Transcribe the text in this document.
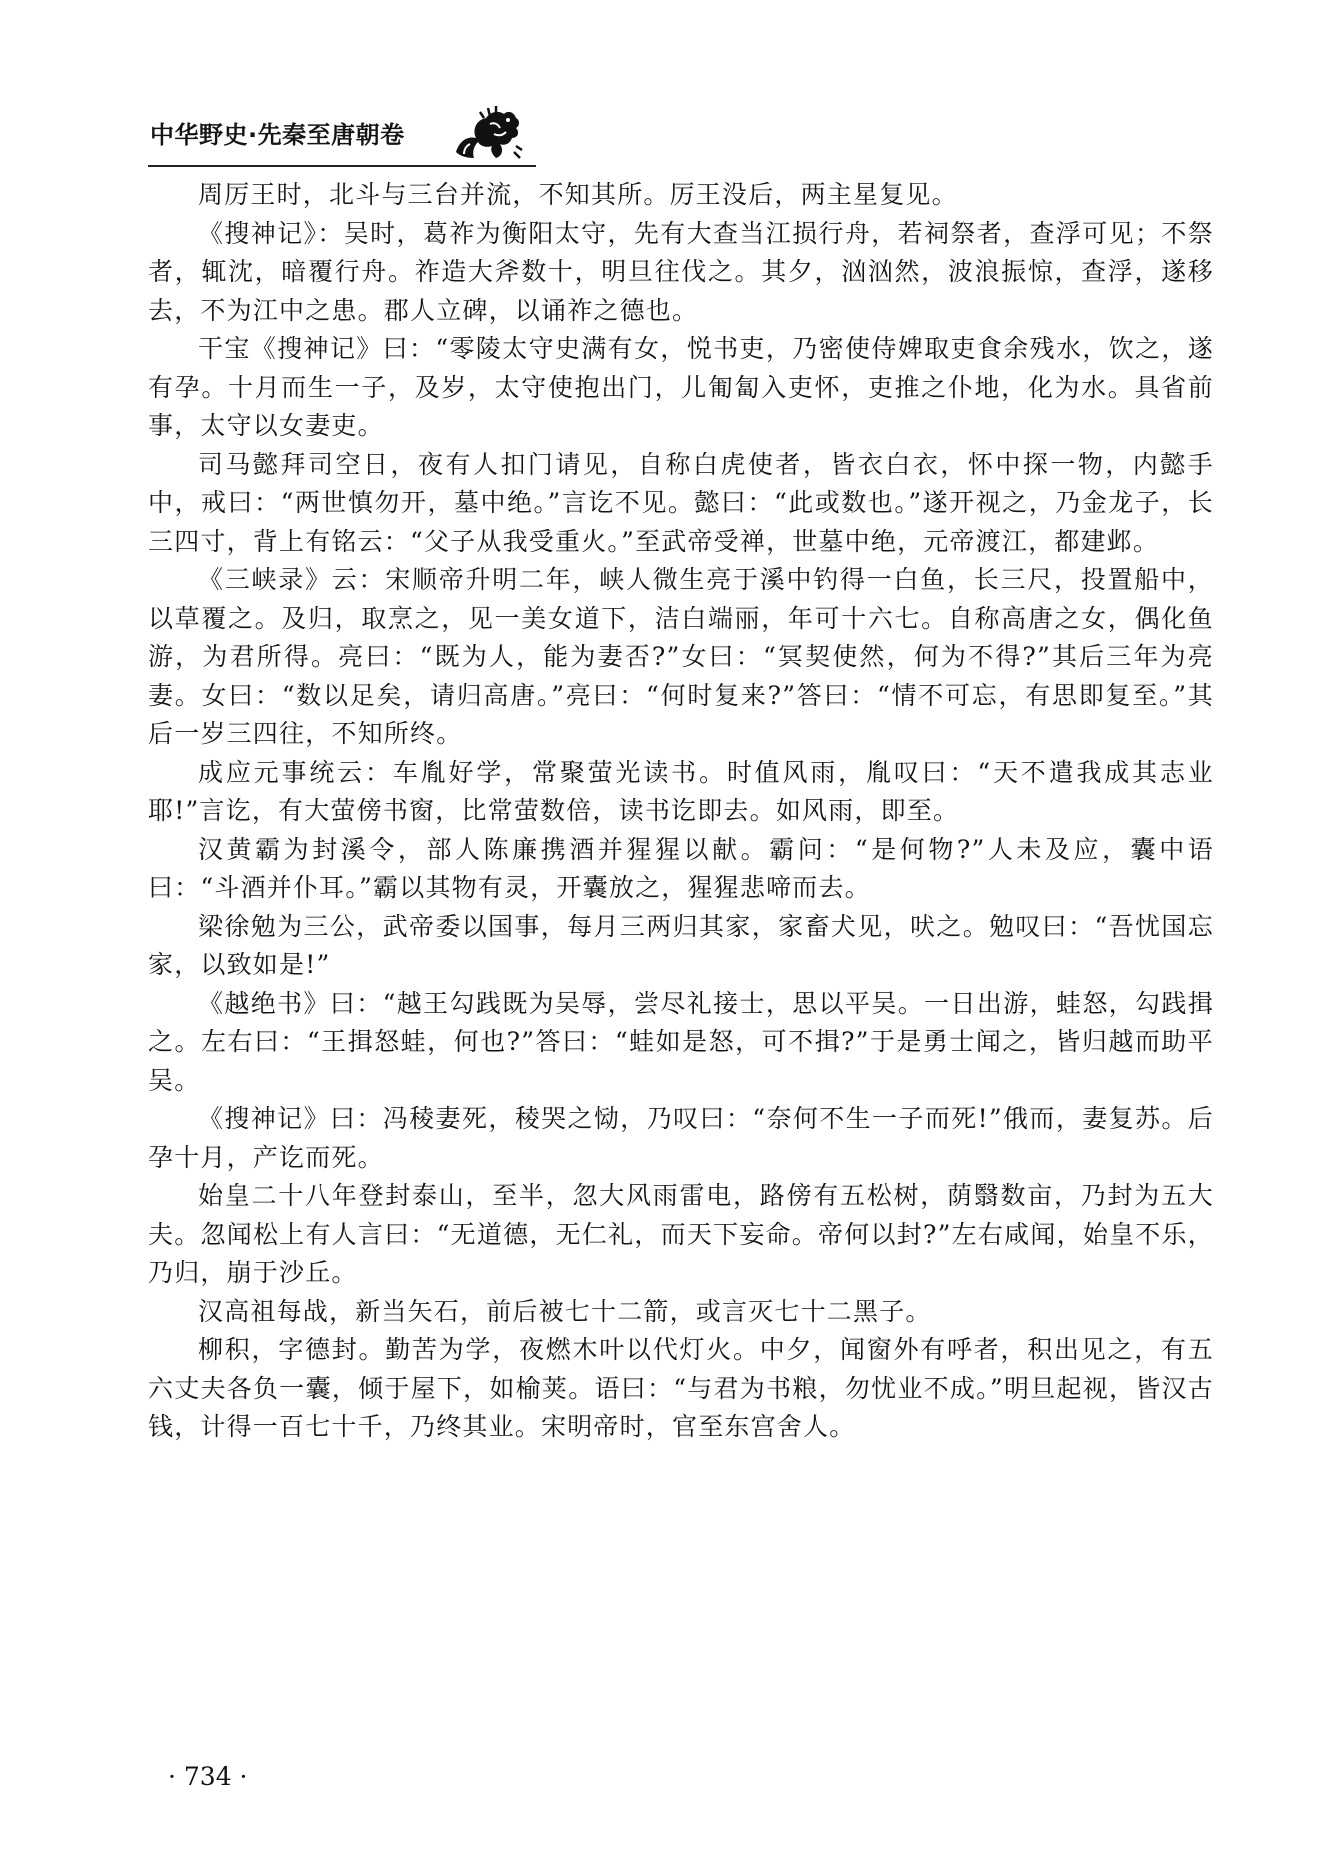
中华野史·先秦至唐朝卷

周厉王时，北斗与三台并流，不知其所。厉王没后，两主星复见。

《搜神记》：吴时，葛祚为衡阳太守，先有大查当江损行舟，若祠祭者，查浮可见；不祭者，辄沈，暗覆行舟。祚造大斧数十，明旦往伐之。其夕，汹汹然，波浪振惊，查浮，遂移去，不为江中之患。郡人立碑，以诵祚之德也。

干宝《搜神记》曰：“零陵太守史满有女，悦书吏，乃密使侍婢取吏食余残水，饮之，遂有孕。十月而生一子，及岁，太守使抱出门，儿匍匐入吏怀，吏推之仆地，化为水。具省前事，太守以女妻吏。

司马懿拜司空日，夜有人扣门请见，自称白虎使者，皆衣白衣，怀中探一物，内懿手中，戒曰：“两世慎勿开，墓中绝。”言讫不见。懿曰：“此或数也。”遂开视之，乃金龙子，长三四寸，背上有铭云：“父子从我受重火。”至武帝受禅，世墓中绝，元帝渡江，都建邺。

《三峡录》云：宋顺帝升明二年，峡人微生亮于溪中钓得一白鱼，长三尺，投置船中，以草覆之。及归，取烹之，见一美女道下，洁白端丽，年可十六七。自称高唐之女，偶化鱼游，为君所得。亮曰：“既为人，能为妻否?”女曰：“冥契使然，何为不得?”其后三年为亮妻。女曰：“数以足矣，请归高唐。”亮曰：“何时复来?”答曰：“情不可忘，有思即复至。”其后一岁三四往，不知所终。

成应元事统云：车胤好学，常聚萤光读书。时值风雨，胤叹曰：“天不遣我成其志业耶!”言讫，有大萤傍书窗，比常萤数倍，读书讫即去。如风雨，即至。

汉黄霸为封溪令，部人陈廉携酒并猩猩以献。霸问：“是何物?”人未及应，囊中语曰：“斗酒并仆耳。”霸以其物有灵，开囊放之，猩猩悲啼而去。

梁徐勉为三公，武帝委以国事，每月三两归其家，家畜犬见，吠之。勉叹曰：“吾忧国忘家，以致如是!”

《越绝书》曰：“越王勾践既为吴辱，尝尽礼接士，思以平吴。一日出游，蛙怒，勾践揖之。左右曰：“王揖怒蛙，何也?”答曰：“蛙如是怒，可不揖?”于是勇士闻之，皆归越而助平吴。

《搜神记》曰：冯稜妻死，稜哭之恸，乃叹曰：“奈何不生一子而死!”俄而，妻复苏。后孕十月，产讫而死。

始皇二十八年登封泰山，至半，忽大风雨雷电，路傍有五松树，荫翳数亩，乃封为五大夫。忽闻松上有人言曰：“无道德，无仁礼，而天下妄命。帝何以封?”左右咸闻，始皇不乐，乃归，崩于沙丘。

汉高祖每战，新当矢石，前后被七十二箭，或言灭七十二黑子。

柳积，字德封。勤苦为学，夜燃木叶以代灯火。中夕，闻窗外有呼者，积出见之，有五六丈夫各负一囊，倾于屋下，如榆荚。语曰：“与君为书粮，勿忧业不成。”明旦起视，皆汉古钱，计得一百七十千，乃终其业。宋明帝时，官至东宫舍人。

· 734 ·
